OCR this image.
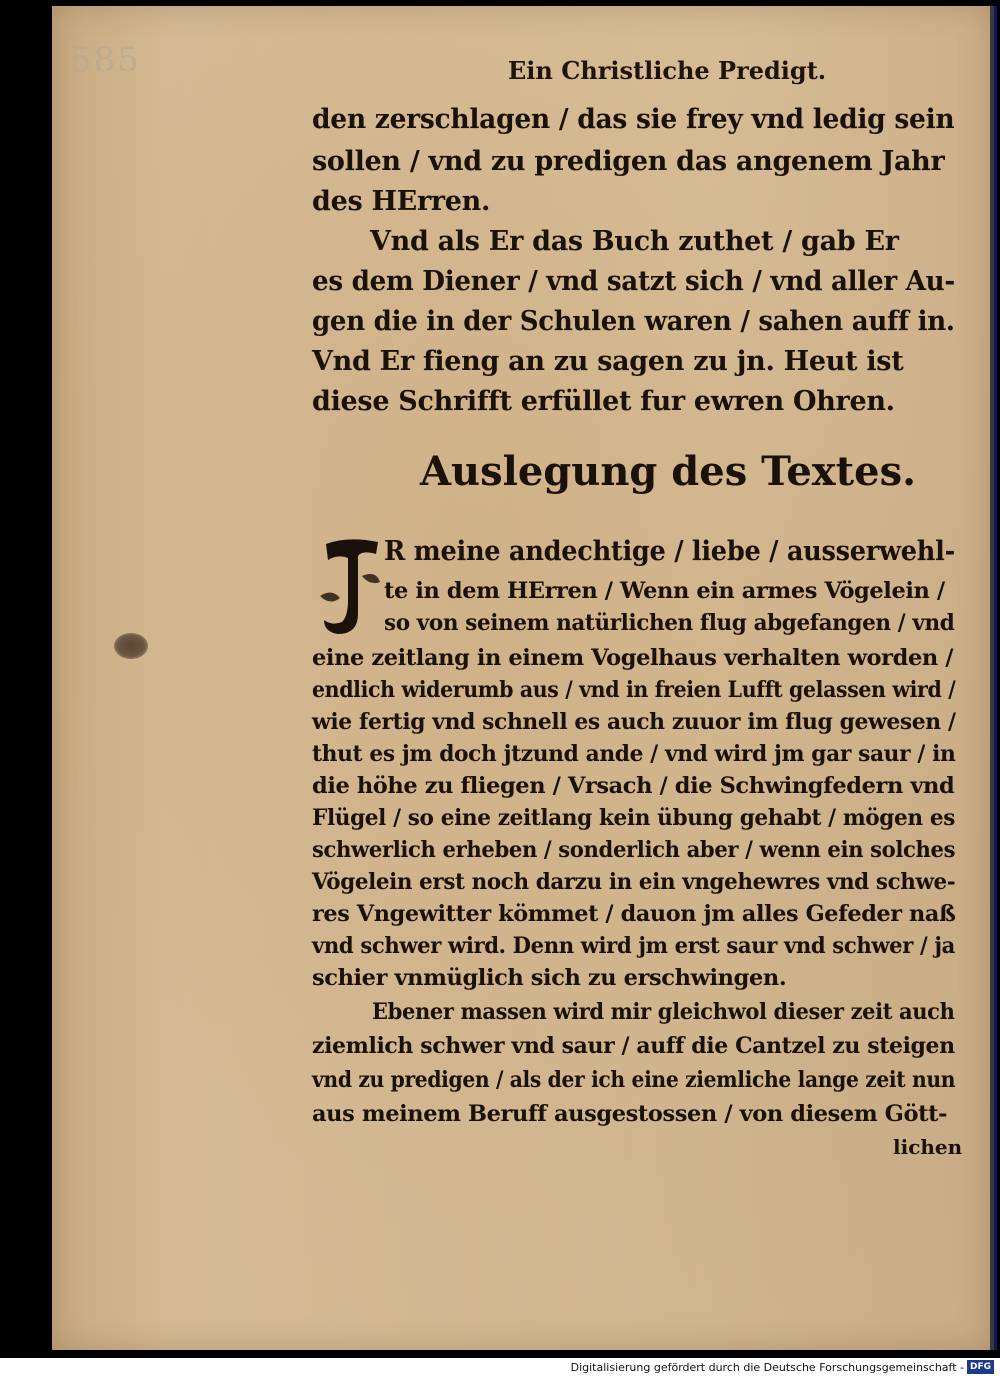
585	Ein Christliche Predigt.
den zerschlagen / das sie frey vnd ledig sein
sollen / vnd zu predigen das angenem Jahr
des HErren.
Vnd als Er das Buch zuthet / gab Er
es dem Diener / vnd satzt sich / vnd aller Au-
gen die in der Schulen waren / sahen auff in.
Vnd Er fieng an zu sagen zu jn. Heut ist
diese Schrifft erfüllet fur ewren Ohren.
Auslegung des Textes.
R meine andechtige / liebe / ausserwehl-
te in dem HErren / Wenn ein armes Vögelein /
so von seinem natürlichen flug abgefangen / vnd
eine zeitlang in einem Vogelhaus verhalten worden /
endlich widerumb aus / vnd in freien Lufft gelassen wird /
wie fertig vnd schnell es auch zuuor im flug gewesen /
thut es jm doch jtzund ande / vnd wird jm gar saur / in
die höhe zu fliegen / Vrsach / die Schwingfedern vnd
Flügel / so eine zeitlang kein übung gehabt / mögen es
schwerlich erheben / sonderlich aber / wenn ein solches
Vögelein erst noch darzu in ein vngehewres vnd schwe-
res Vngewitter kömmet / dauon jm alles Gefeder naß
vnd schwer wird. Denn wird jm erst saur vnd schwer / ja
schier vnmüglich sich zu erschwingen.
Ebener massen wird mir gleichwol dieser zeit auch
ziemlich schwer vnd saur / auff die Cantzel zu steigen
vnd zu predigen / als der ich eine ziemliche lange zeit nun
aus meinem Beruff ausgestossen / von diesem Gött-
lichen
Digitalisierung gefördert durch die Deutsche Forschungsgemeinschaft - DFG
